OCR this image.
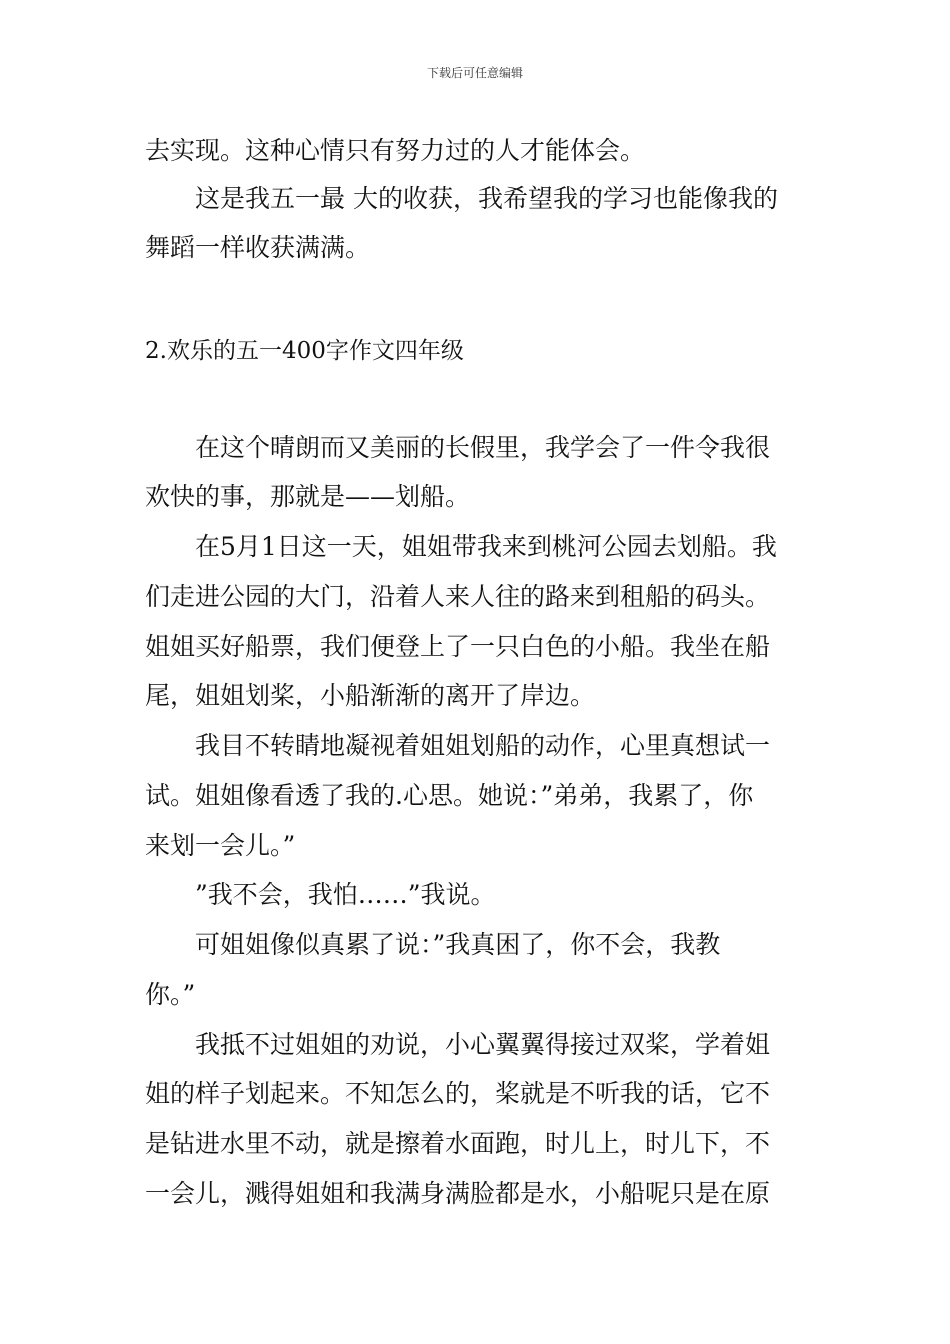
下载后可任意编辑
去实现。这种心情只有努力过的人才能体会。
　　这是我五一最 大的收获，我希望我的学习也能像我的
舞蹈一样收获满满。
2.欢乐的五一400字作文四年级
　　在这个晴朗而又美丽的长假里，我学会了一件令我很
欢快的事，那就是——划船。
　　在5月1日这一天，姐姐带我来到桃河公园去划船。我
们走进公园的大门，沿着人来人往的路来到租船的码头。
姐姐买好船票，我们便登上了一只白色的小船。我坐在船
尾，姐姐划桨，小船渐渐的离开了岸边。
　　我目不转睛地凝视着姐姐划船的动作，心里真想试一
试。姐姐像看透了我的.心思。她说：”弟弟，我累了，你
来划一会儿。”
　　”我不会，我怕……”我说。
　　可姐姐像似真累了说：”我真困了，你不会，我教
你。”
　　我抵不过姐姐的劝说，小心翼翼得接过双桨，学着姐
姐的样子划起来。不知怎么的，桨就是不听我的话，它不
是钻进水里不动，就是擦着水面跑，时儿上，时儿下，不
一会儿，溅得姐姐和我满身满脸都是水，小船呢只是在原
